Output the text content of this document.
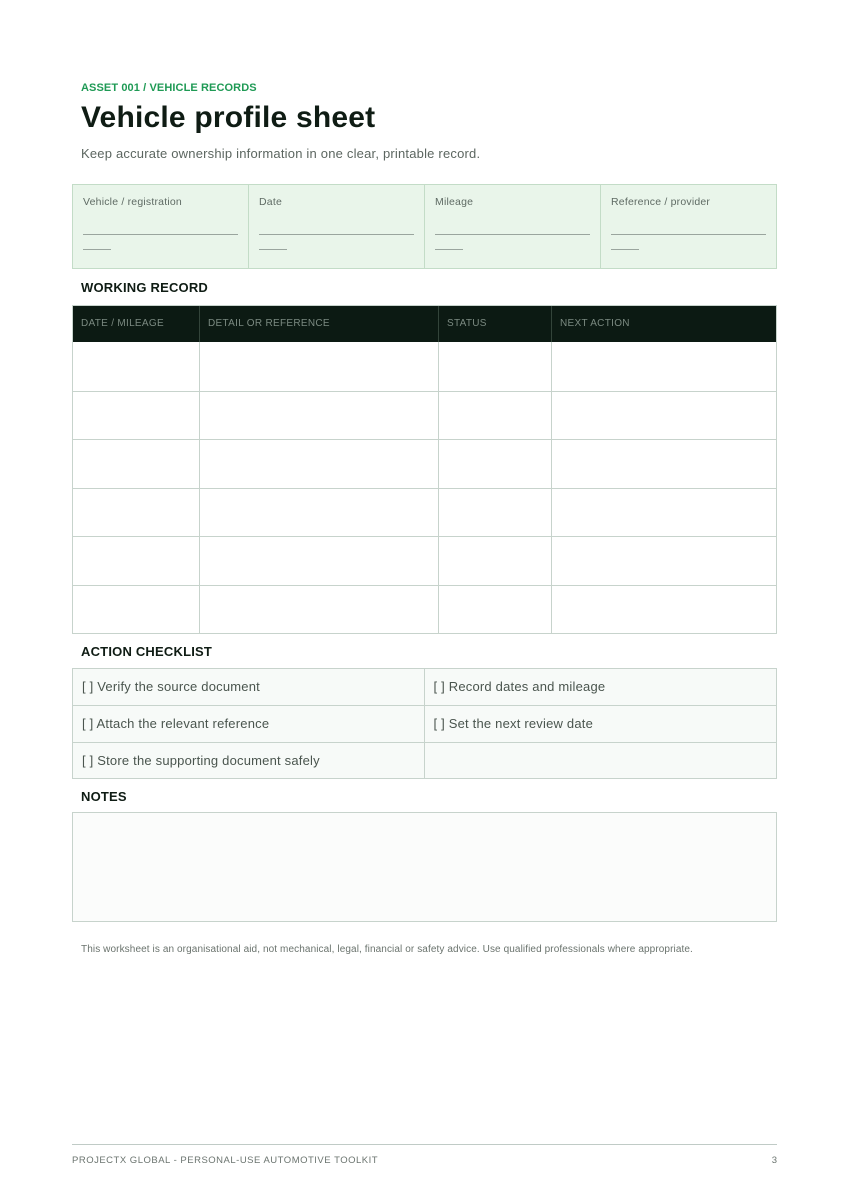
ASSET 001 / VEHICLE RECORDS
Vehicle profile sheet
Keep accurate ownership information in one clear, printable record.
Vehicle / registration	Date	Mileage	Reference / provider
WORKING RECORD
DATE / MILEAGE	DETAIL OR REFERENCE	STATUS	NEXT ACTION
ACTION CHECKLIST
[ ] Verify the source document	[ ] Record dates and mileage
[ ] Attach the relevant reference	[ ] Set the next review date
[ ] Store the supporting document safely
NOTES

This worksheet is an organisational aid, not mechanical, legal, financial or safety advice. Use qualified professionals where appropriate.

PROJECTX GLOBAL - PERSONAL-USE AUTOMOTIVE TOOLKIT	3
